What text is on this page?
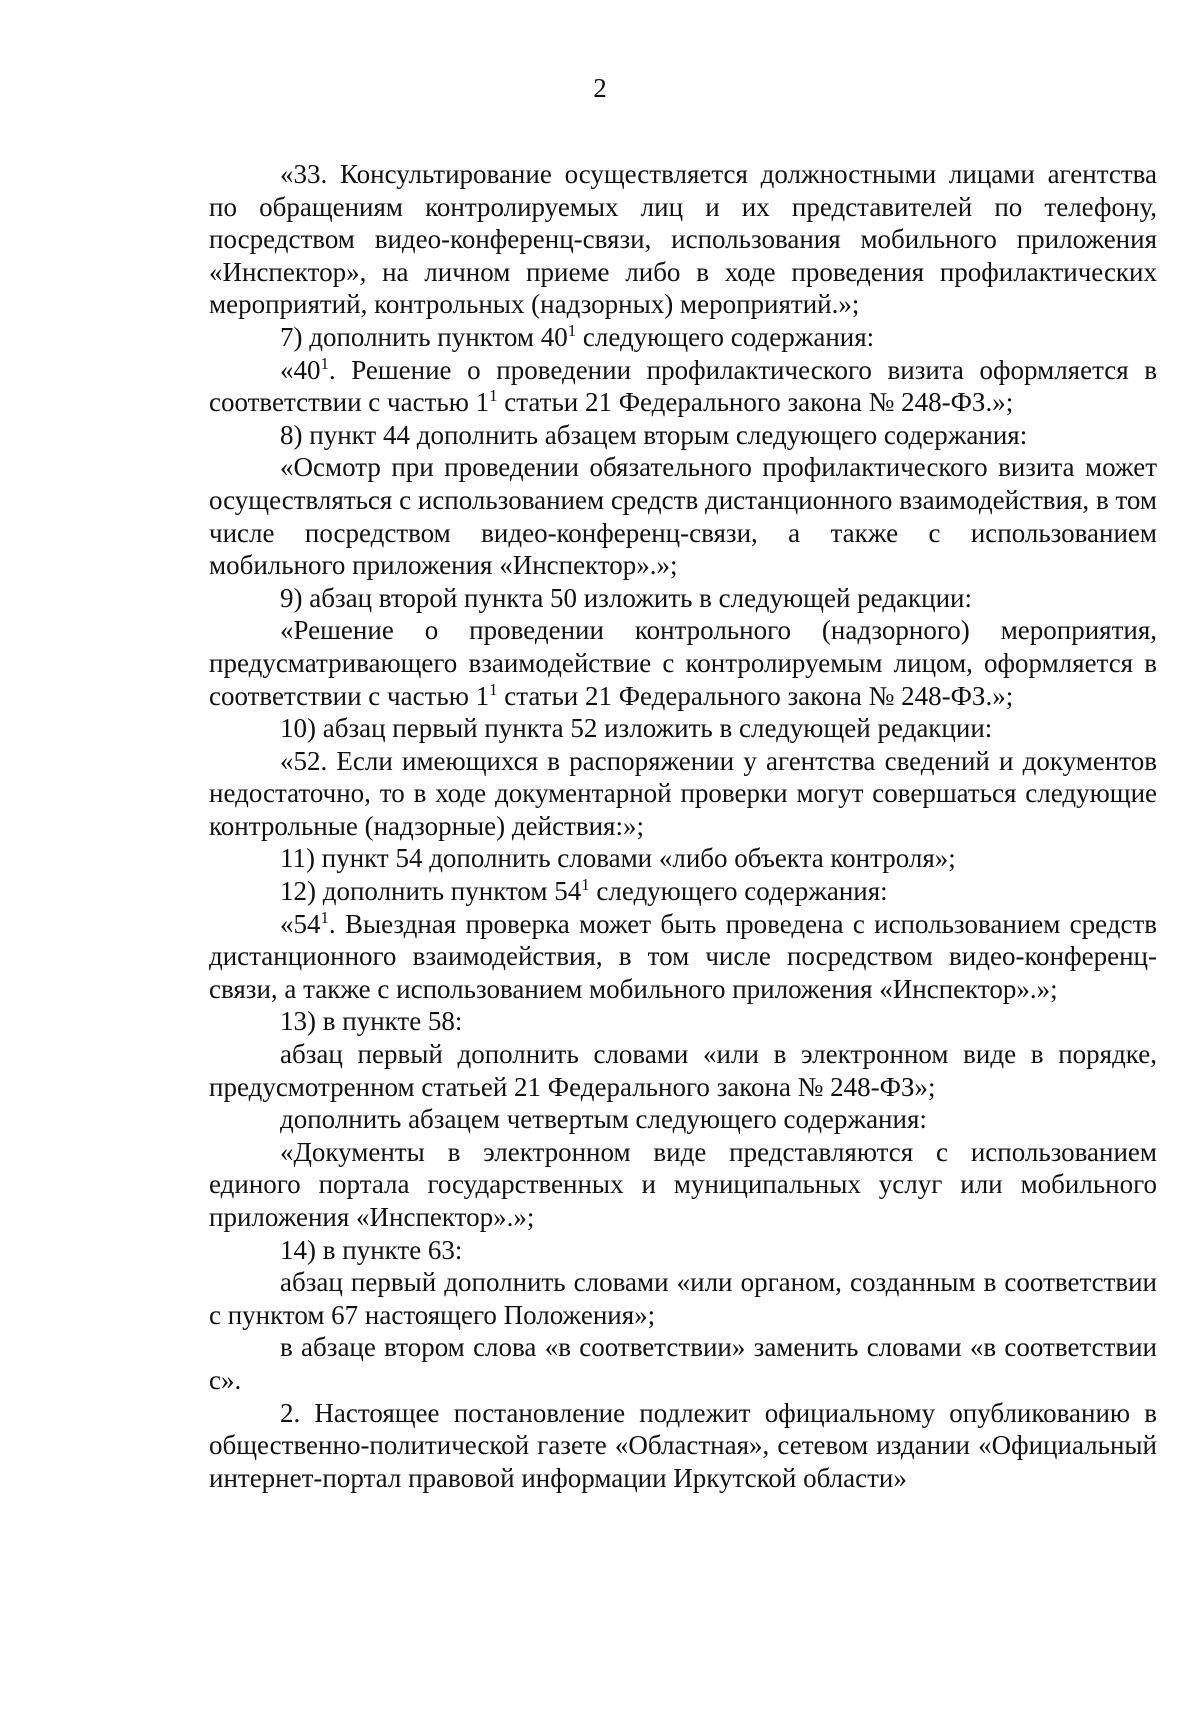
2

«33. Консультирование осуществляется должностными лицами агентства по обращениям контролируемых лиц и их представителей по телефону, посредством видео-конференц-связи, использования мобильного приложения «Инспектор», на личном приеме либо в ходе проведения профилактических мероприятий, контрольных (надзорных) мероприятий.»;

7) дополнить пунктом $40^1$ следующего содержания:

«$40^1$. Решение о проведении профилактического визита оформляется в соответствии с частью $1^1$ статьи 21 Федерального закона № 248-ФЗ.»;

8) пункт 44 дополнить абзацем вторым следующего содержания:

«Осмотр при проведении обязательного профилактического визита может осуществляться с использованием средств дистанционного взаимодействия, в том числе посредством видео-конференц-связи, а также с использованием мобильного приложения «Инспектор».»;

9) абзац второй пункта 50 изложить в следующей редакции:

«Решение о проведении контрольного (надзорного) мероприятия, предусматривающего взаимодействие с контролируемым лицом, оформляется в соответствии с частью $1^1$ статьи 21 Федерального закона № 248-ФЗ.»;

10) абзац первый пункта 52 изложить в следующей редакции:

«52. Если имеющихся в распоряжении у агентства сведений и документов недостаточно, то в ходе документарной проверки могут совершаться следующие контрольные (надзорные) действия:»;

11) пункт 54 дополнить словами «либо объекта контроля»;

12) дополнить пунктом $54^1$ следующего содержания:

«$54^1$. Выездная проверка может быть проведена с использованием средств дистанционного взаимодействия, в том числе посредством видео-конференц-связи, а также с использованием мобильного приложения «Инспектор».»;

13) в пункте 58:

абзац первый дополнить словами «или в электронном виде в порядке, предусмотренном статьей 21 Федерального закона № 248-ФЗ»;

дополнить абзацем четвертым следующего содержания:

«Документы в электронном виде представляются с использованием единого портала государственных и муниципальных услуг или мобильного приложения «Инспектор».»;

14) в пункте 63:

абзац первый дополнить словами «или органом, созданным в соответствии с пунктом 67 настоящего Положения»;

в абзаце втором слова «в соответствии» заменить словами «в соответствии с».

2. Настоящее постановление подлежит официальному опубликованию в общественно-политической газете «Областная», сетевом издании «Официальный интернет-портал правовой информации Иркутской области»
